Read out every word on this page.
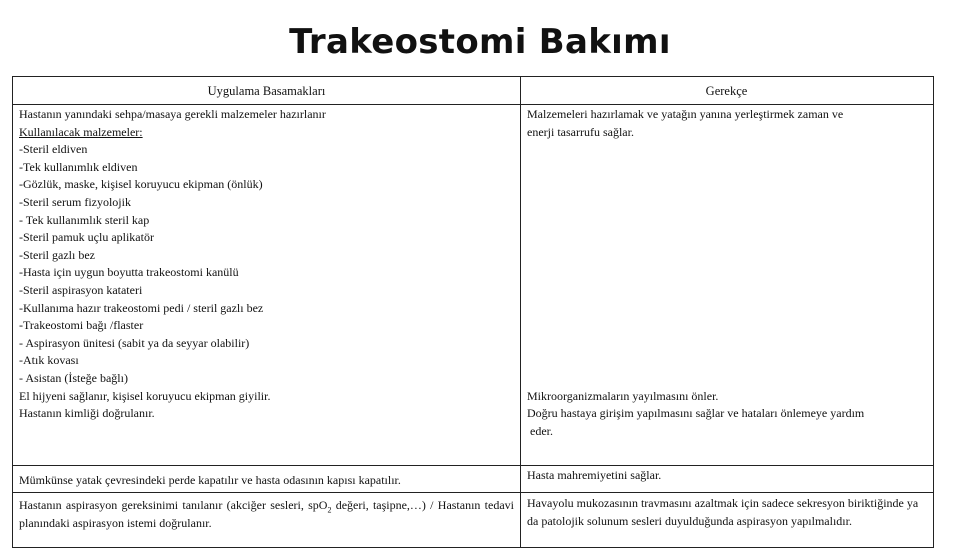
Trakeostomi Bakımı
Uygulama Basamakları	Gerekçe
Hastanın yanındaki sehpa/masaya gerekli malzemeler hazırlanır
Kullanılacak malzemeler:
-Steril eldiven
-Tek kullanımlık eldiven
-Gözlük, maske, kişisel koruyucu ekipman (önlük)
-Steril serum fizyolojik
- Tek kullanımlık steril kap
-Steril pamuk uçlu aplikatör
-Steril gazlı bez
-Hasta için uygun boyutta trakeostomi kanülü
-Steril aspirasyon kataterі
-Kullanıma hazır trakeostomi pedi / steril gazlı bez
-Trakeostomi bağı /flaster
- Aspirasyon ünitesi (sabit ya da seyyar olabilir)
-Atık kovası
- Asistan (İsteğe bağlı)
El hijyeni sağlanır, kişisel koruyucu ekipman giyilir.
Hastanın kimliği doğrulanır.
Malzemeleri hazırlamak ve yatağın yanına yerleştirmek zaman ve
enerji tasarrufu sağlar.
Mikroorganizmaların yayılmasını önler.
Doğru hastaya girişim yapılmasını sağlar ve hataları önlemeye yardım
eder.
Mümkünse yatak çevresindeki perde kapatılır ve hasta odasının kapısı kapatılır.	Hasta mahremiyetini sağlar.
Hastanın aspirasyon gereksinimi tanılanır (akciğer sesleri, spO$_2$ değeri, taşipne,…) / Hastanın tedavi planındaki aspirasyon istemi doğrulanır.
Havayolu mukozasının travmasını azaltmak için sadece sekresyon biriktiğinde ya da patolojik solunum sesleri duyulduğunda aspirasyon yapılmalıdır.
